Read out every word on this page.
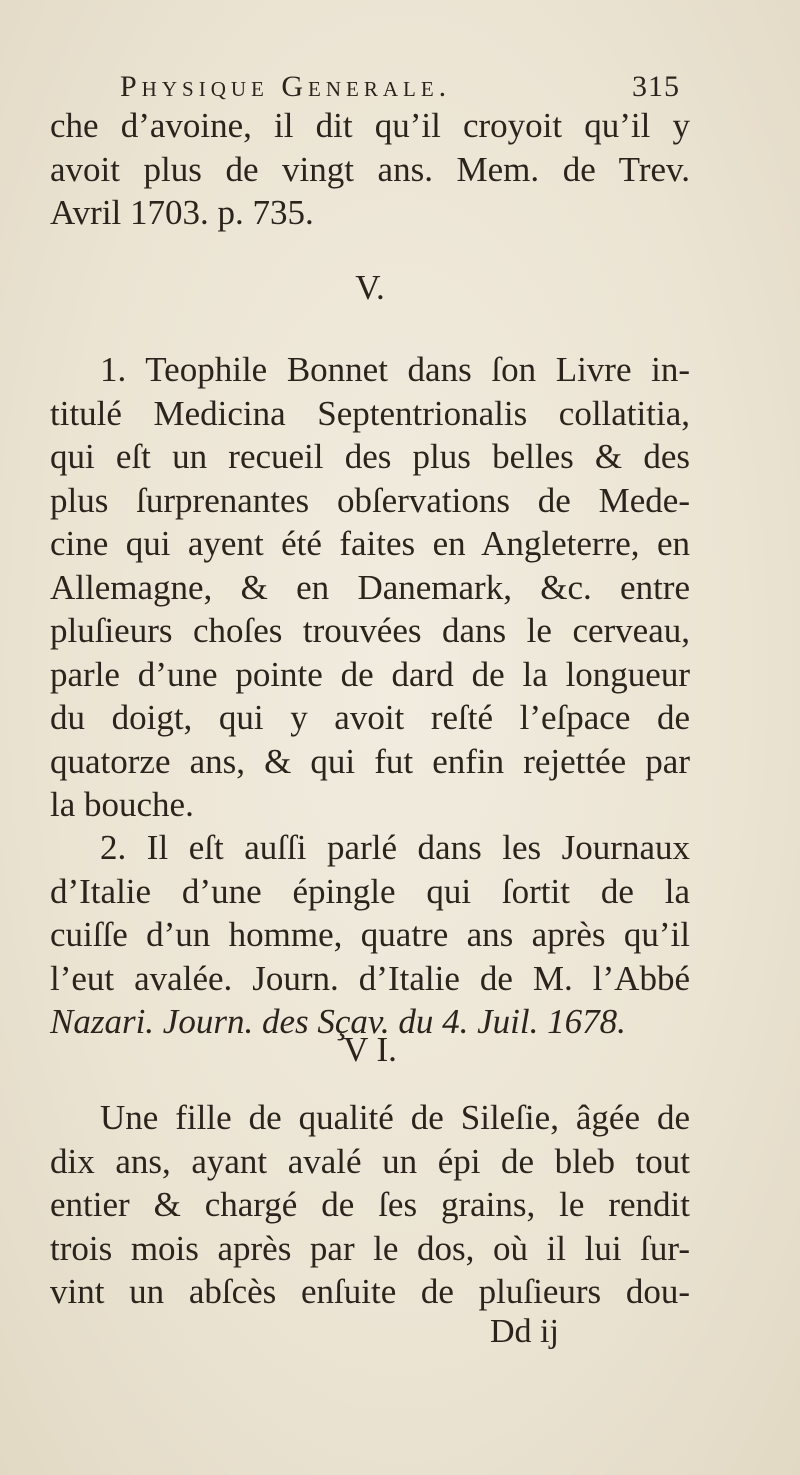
Physique Generale.	315
che d’avoine, il dit qu’il croyoit qu’il y
avoit plus de vingt ans. Mem. de Trev.
Avril 1703. p. 735.
V.
1. Teophile Bonnet dans ſon Livre in-
titulé Medicina Septentrionalis collatitia,
qui eſt un recueil des plus belles & des
plus ſurprenantes obſervations de Mede-
cine qui ayent été faites en Angleterre, en
Allemagne, & en Danemark, &c. entre
pluſieurs choſes trouvées dans le cerveau,
parle d’une pointe de dard de la longueur
du doigt, qui y avoit reſté l’eſpace de
quatorze ans, & qui fut enfin rejettée par
la bouche.
2. Il eſt auſſi parlé dans les Journaux
d’Italie d’une épingle qui ſortit de la
cuiſſe d’un homme, quatre ans après qu’il
l’eut avalée. Journ. d’Italie de M. l’Abbé
Nazari. Journ. des Sçav. du 4. Juil. 1678.
V I.
Une fille de qualité de Sileſie, âgée de
dix ans, ayant avalé un épi de bleb tout
entier & chargé de ſes grains, le rendit
trois mois après par le dos, où il lui ſur-
vint un abſcès enſuite de pluſieurs dou-
Dd ij
